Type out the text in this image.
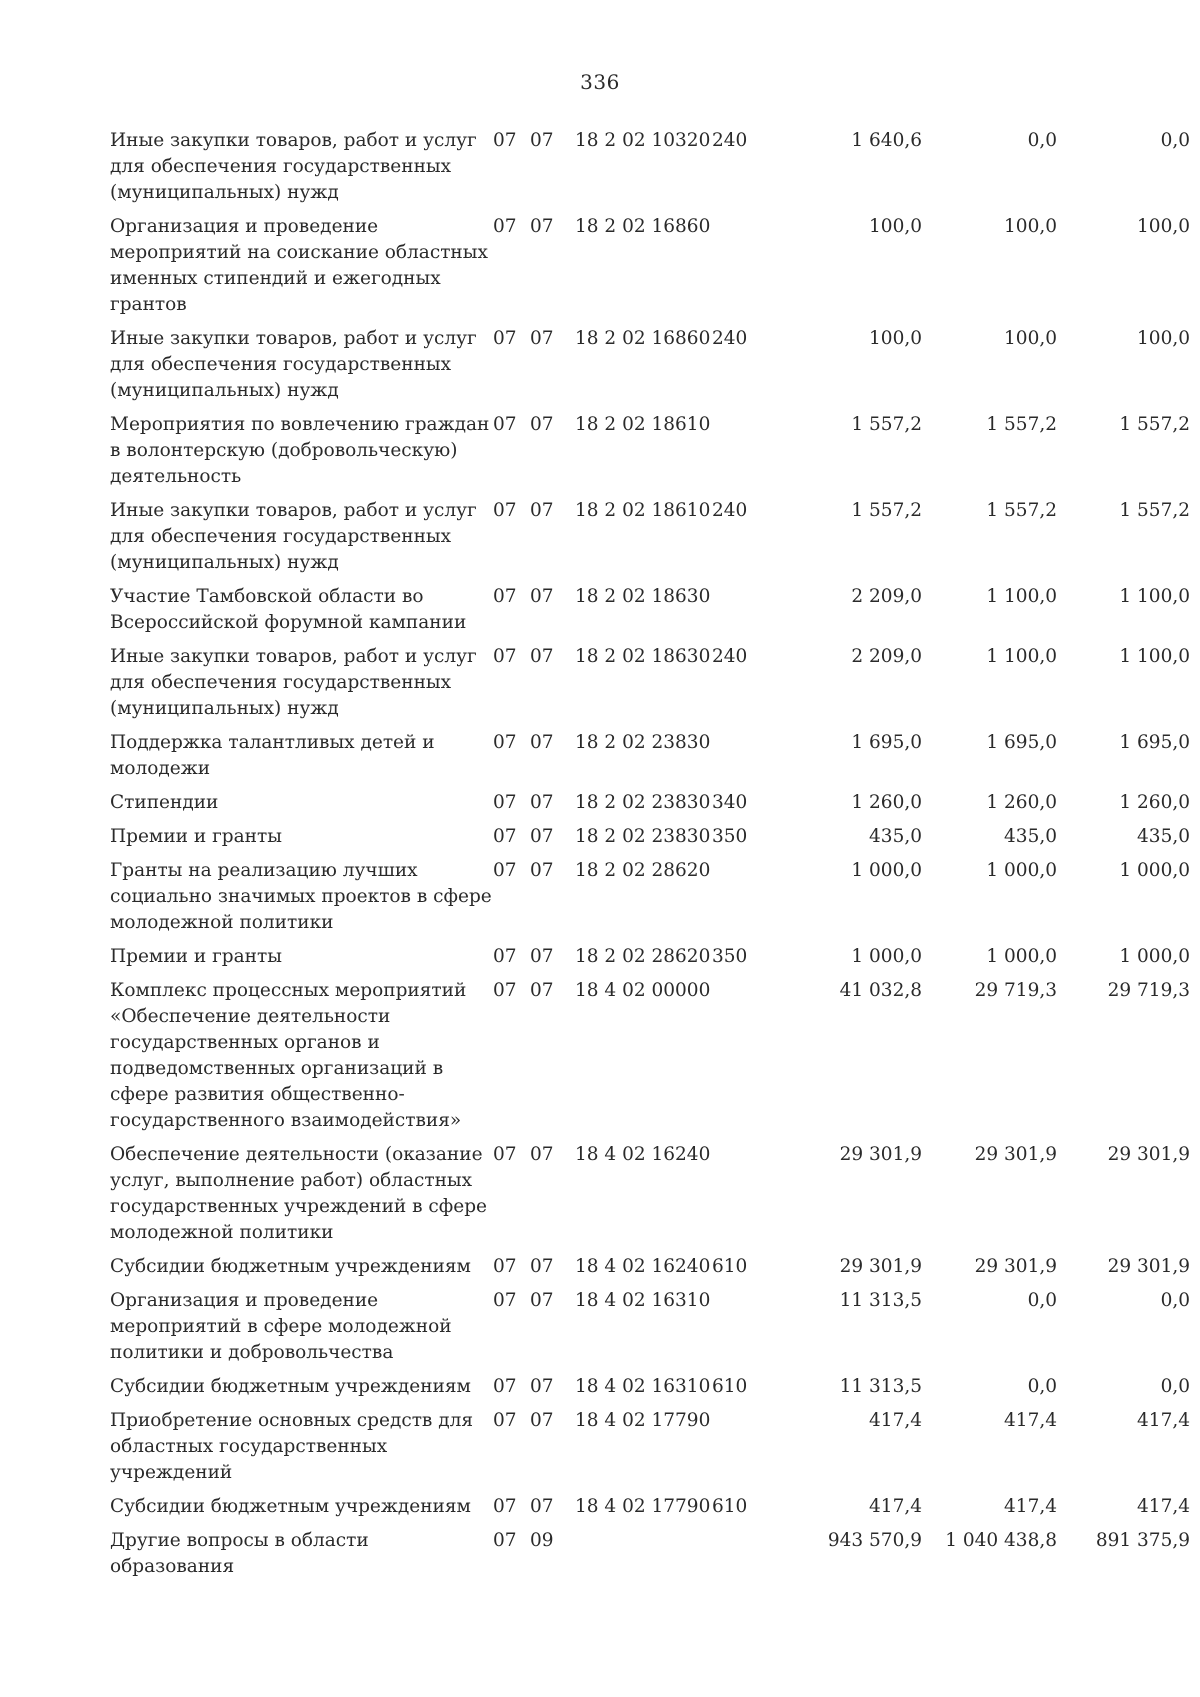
336
Иные закупки товаров, работ и услуг для обеспечения государственных (муниципальных) нужд	07	07	18 2 02 10320	240	1 640,6	0,0	0,0
Организация и проведение мероприятий на соискание областных именных стипендий и ежегодных грантов	07	07	18 2 02 16860		100,0	100,0	100,0
Иные закупки товаров, работ и услуг для обеспечения государственных (муниципальных) нужд	07	07	18 2 02 16860	240	100,0	100,0	100,0
Мероприятия по вовлечению граждан в волонтерскую (добровольческую) деятельность	07	07	18 2 02 18610		1 557,2	1 557,2	1 557,2
Иные закупки товаров, работ и услуг для обеспечения государственных (муниципальных) нужд	07	07	18 2 02 18610	240	1 557,2	1 557,2	1 557,2
Участие Тамбовской области во Всероссийской форумной кампании	07	07	18 2 02 18630		2 209,0	1 100,0	1 100,0
Иные закупки товаров, работ и услуг для обеспечения государственных (муниципальных) нужд	07	07	18 2 02 18630	240	2 209,0	1 100,0	1 100,0
Поддержка талантливых детей и молодежи	07	07	18 2 02 23830		1 695,0	1 695,0	1 695,0
Стипендии	07	07	18 2 02 23830	340	1 260,0	1 260,0	1 260,0
Премии и гранты	07	07	18 2 02 23830	350	435,0	435,0	435,0
Гранты на реализацию лучших социально значимых проектов в сфере молодежной политики	07	07	18 2 02 28620		1 000,0	1 000,0	1 000,0
Премии и гранты	07	07	18 2 02 28620	350	1 000,0	1 000,0	1 000,0
Комплекс процессных мероприятий «Обеспечение деятельности государственных органов и подведомственных организаций в сфере развития общественно-государственного взаимодействия»	07	07	18 4 02 00000		41 032,8	29 719,3	29 719,3
Обеспечение деятельности (оказание услуг, выполнение работ) областных государственных учреждений в сфере молодежной политики	07	07	18 4 02 16240		29 301,9	29 301,9	29 301,9
Субсидии бюджетным учреждениям	07	07	18 4 02 16240	610	29 301,9	29 301,9	29 301,9
Организация и проведение мероприятий в сфере молодежной политики и добровольчества	07	07	18 4 02 16310		11 313,5	0,0	0,0
Субсидии бюджетным учреждениям	07	07	18 4 02 16310	610	11 313,5	0,0	0,0
Приобретение основных средств для областных государственных учреждений	07	07	18 4 02 17790		417,4	417,4	417,4
Субсидии бюджетным учреждениям	07	07	18 4 02 17790	610	417,4	417,4	417,4
Другие вопросы в области образования	07	09			943 570,9	1 040 438,8	891 375,9
